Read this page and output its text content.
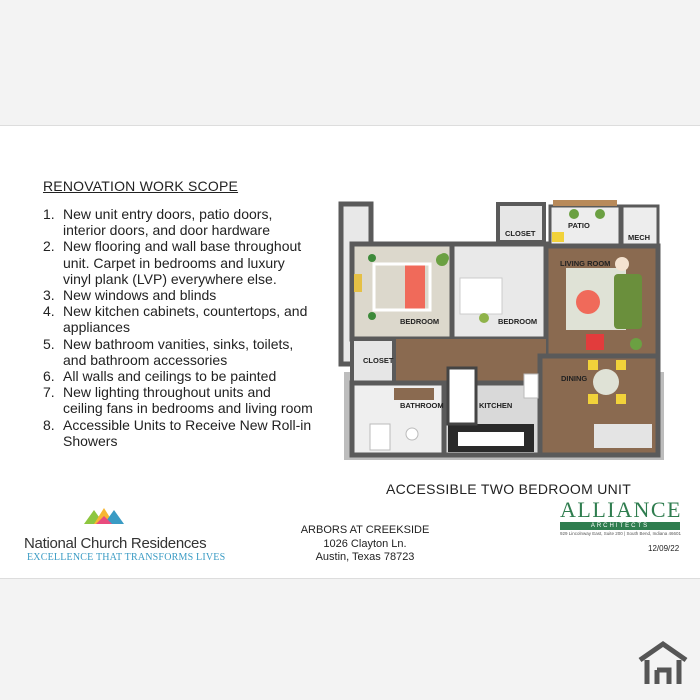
RENOVATION WORK SCOPE
1. New unit entry doors, patio doors, interior doors, and door hardware
2. New flooring and wall base throughout unit. Carpet in bedrooms and luxury vinyl plank (LVP) everywhere else.
3. New windows and blinds
4. New kitchen cabinets, countertops, and appliances
5. New bathroom vanities, sinks, toilets, and bathroom accessories
6. All walls and ceilings to be painted
7. New lighting throughout units and ceiling fans in bedrooms and living room
8. Accessible Units to Receive New Roll-in Showers
CLOSET
PATIO
MECH
LIVING ROOM
BEDROOM	BEDROOM
CLOSET
DINING
BATHROOM	KITCHEN
ACCESSIBLE TWO BEDROOM UNIT
National Church Residences
EXCELLENCE THAT TRANSFORMS LIVES
ARBORS AT CREEKSIDE
1026 Clayton Ln.
Austin, Texas 78723
ALLIANCE
ARCHITECTS
929 Lincolnway East, Suite 200 | South Bend, Indiana 46601
12/09/22
